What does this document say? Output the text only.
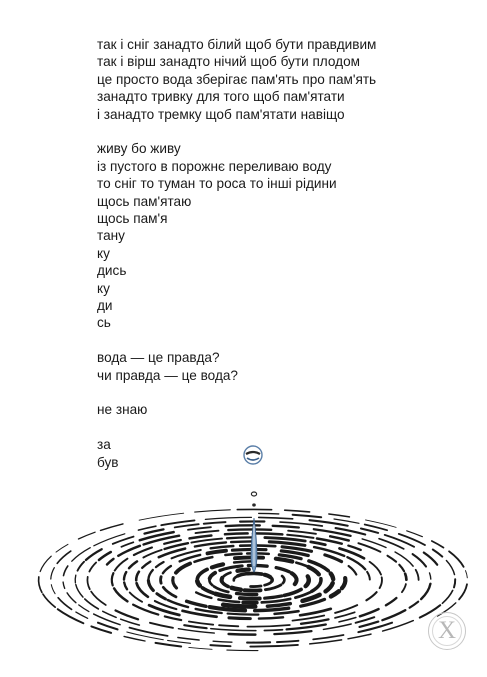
так і сніг занадто білий щоб бути правдивим
так і вірш занадто нічий щоб бути плодом
це просто вода зберігає пам'ять про пам'ять
занадто тривку для того щоб пам'ятати
і занадто тремку щоб пам'ятати навіщо
живу бо живу
із пустого в порожнє переливаю воду
то сніг то туман то роса то інші рідини
щось пам'ятаю
щось пам'я
тану
ку
дись
ку
ди
сь
вода — це правда?
чи правда — це вода?
не знаю
за
був
Х
